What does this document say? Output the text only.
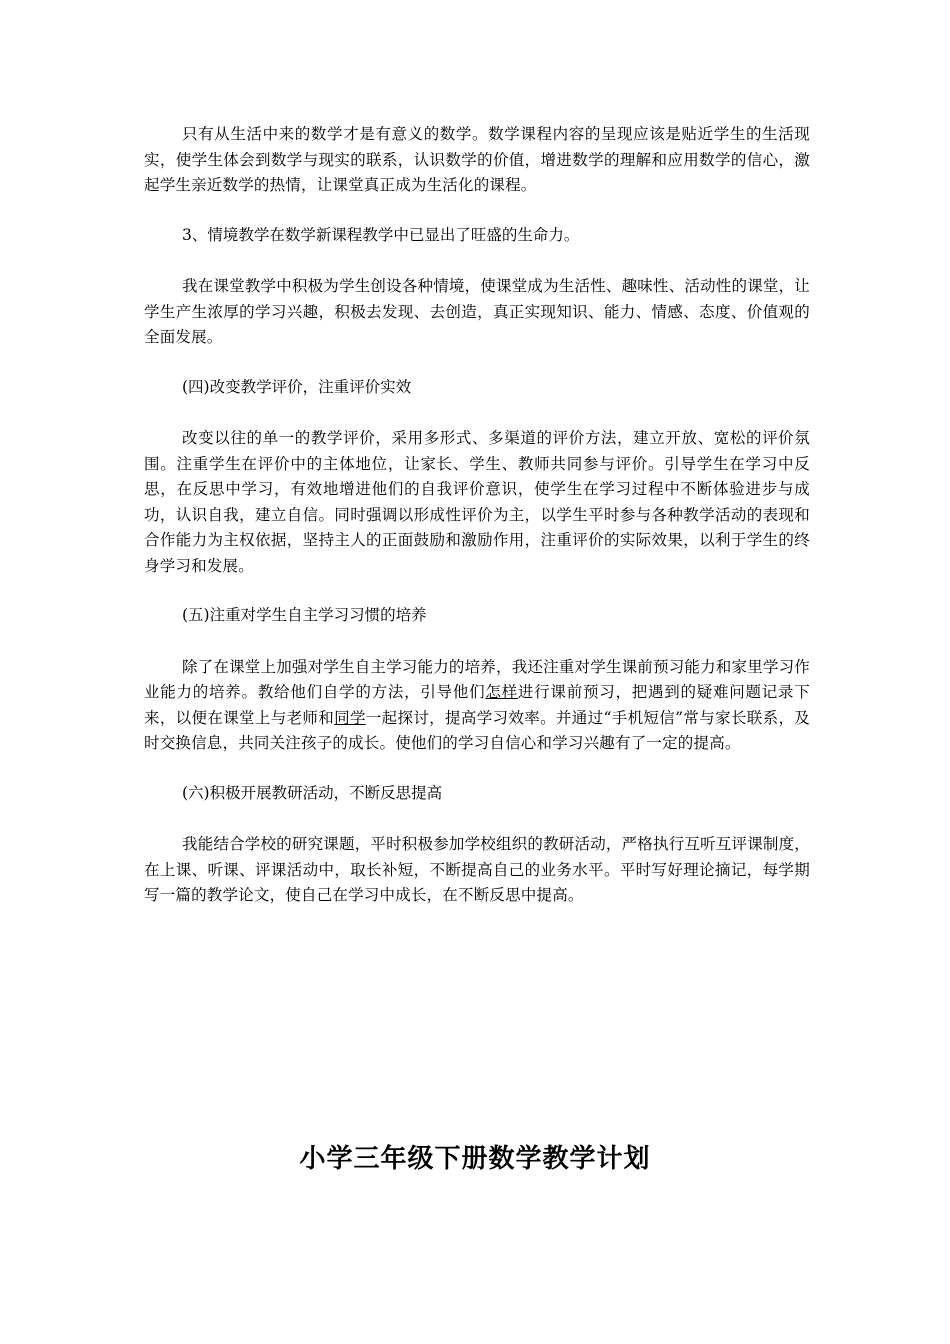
只有从生活中来的数学才是有意义的数学。数学课程内容的呈现应该是贴近学生的生活现实，使学生体会到数学与现实的联系，认识数学的价值，增进数学的理解和应用数学的信心，激起学生亲近数学的热情，让课堂真正成为生活化的课程。

3、情境教学在数学新课程教学中已显出了旺盛的生命力。

我在课堂教学中积极为学生创设各种情境，使课堂成为生活性、趣味性、活动性的课堂，让学生产生浓厚的学习兴趣，积极去发现、去创造，真正实现知识、能力、情感、态度、价值观的全面发展。

(四)改变教学评价，注重评价实效

改变以往的单一的教学评价，采用多形式、多渠道的评价方法，建立开放、宽松的评价氛围。注重学生在评价中的主体地位，让家长、学生、教师共同参与评价。引导学生在学习中反思，在反思中学习，有效地增进他们的自我评价意识，使学生在学习过程中不断体验进步与成功，认识自我，建立自信。同时强调以形成性评价为主，以学生平时参与各种教学活动的表现和合作能力为主权依据，坚持主人的正面鼓励和激励作用，注重评价的实际效果，以利于学生的终身学习和发展。

(五)注重对学生自主学习习惯的培养

除了在课堂上加强对学生自主学习能力的培养，我还注重对学生课前预习能力和家里学习作业能力的培养。教给他们自学的方法，引导他们怎样进行课前预习，把遇到的疑难问题记录下来，以便在课堂上与老师和同学一起探讨，提高学习效率。并通过“手机短信”常与家长联系，及时交换信息，共同关注孩子的成长。使他们的学习自信心和学习兴趣有了一定的提高。

(六)积极开展教研活动，不断反思提高

我能结合学校的研究课题，平时积极参加学校组织的教研活动，严格执行互听互评课制度，在上课、听课、评课活动中，取长补短，不断提高自己的业务水平。平时写好理论摘记，每学期写一篇的教学论文，使自己在学习中成长，在不断反思中提高。

小学三年级下册数学教学计划
